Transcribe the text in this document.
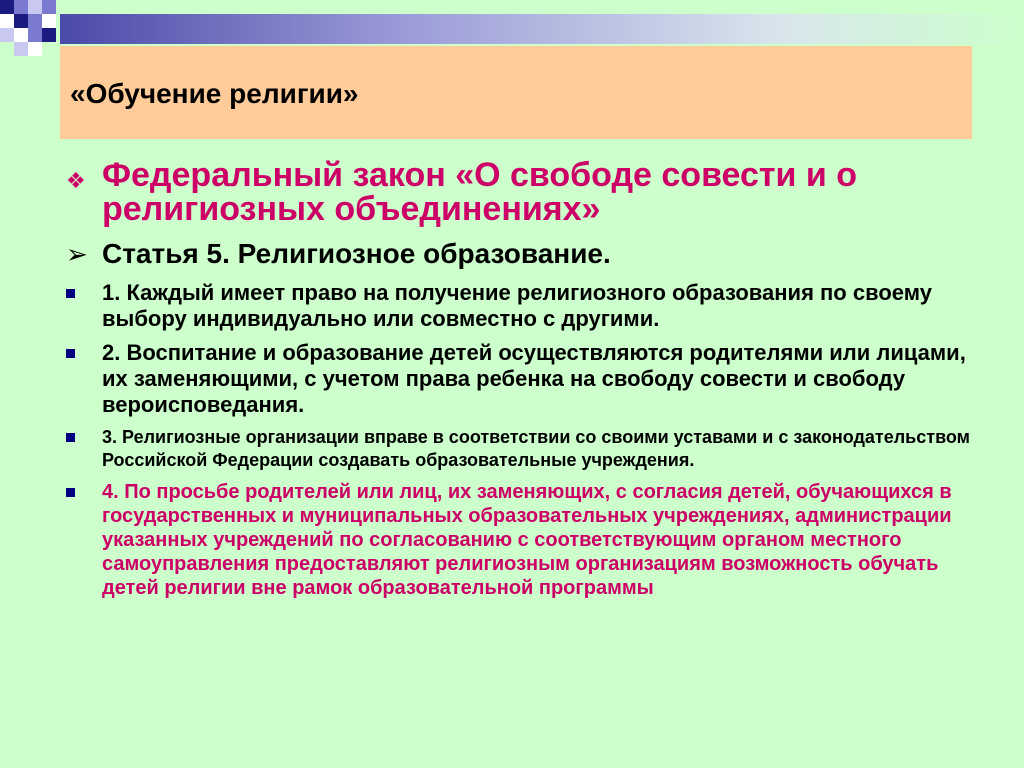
«Обучение религии»
❖ Федеральный закон «О свободе совести и о религиозных объединениях»
➢ Статья 5. Религиозное образование.
1. Каждый имеет право на получение религиозного образования по своему выбору индивидуально или совместно с другими.
2. Воспитание и образование детей осуществляются родителями или лицами, их заменяющими, с учетом права ребенка на свободу совести и свободу вероисповедания.
3. Религиозные организации вправе в соответствии со своими уставами и с законодательством Российской Федерации создавать образовательные учреждения.
4. По просьбе родителей или лиц, их заменяющих, с согласия детей, обучающихся в государственных и муниципальных образовательных учреждениях, администрации указанных учреждений по согласованию с соответствующим органом местного самоуправления предоставляют религиозным организациям возможность обучать детей религии вне рамок образовательной программы
